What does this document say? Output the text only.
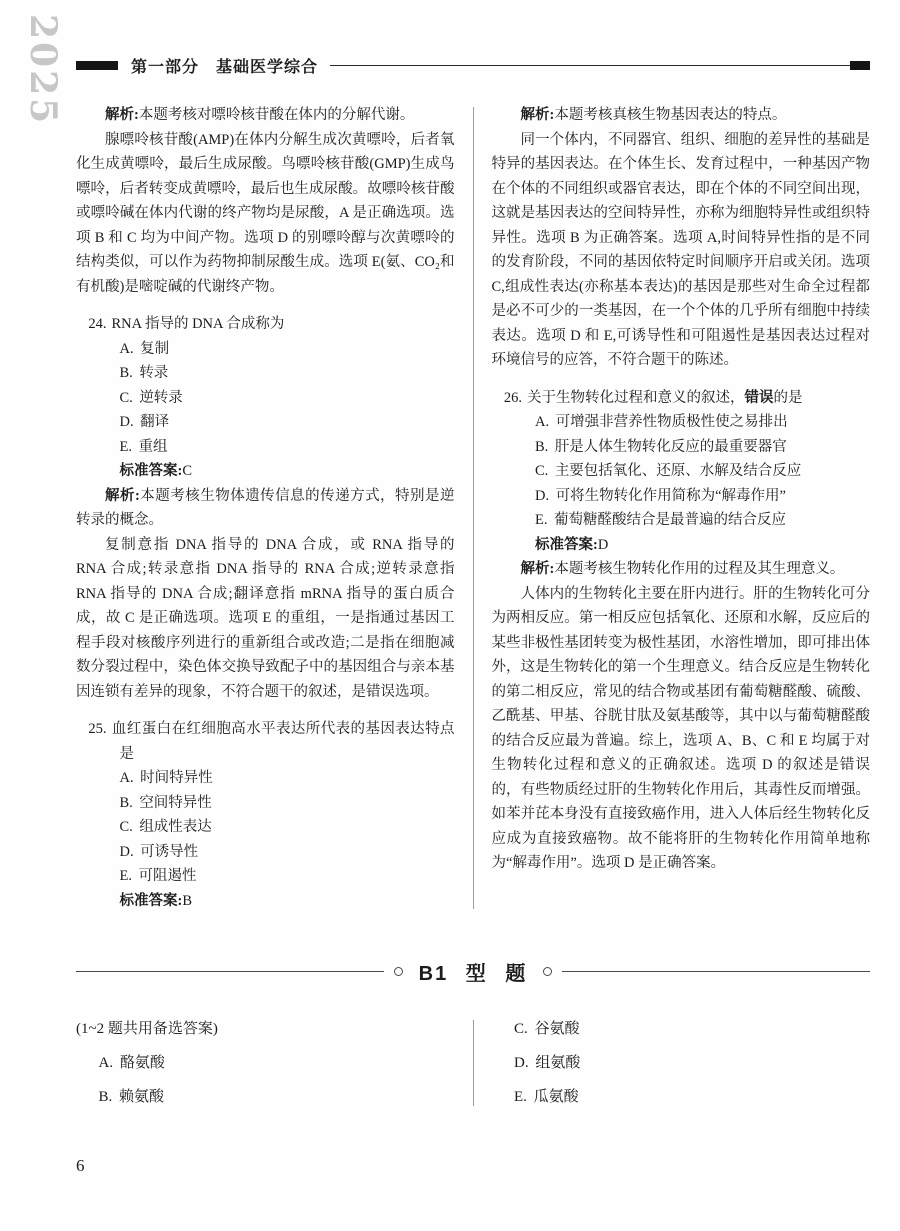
2025	第一部分　基础医学综合

解析:本题考核对嘌呤核苷酸在体内的分解代谢。

腺嘌呤核苷酸(AMP)在体内分解生成次黄嘌呤，后者氧化生成黄嘌呤，最后生成尿酸。鸟嘌呤核苷酸(GMP)生成鸟嘌呤，后者转变成黄嘌呤，最后也生成尿酸。故嘌呤核苷酸或嘌呤碱在体内代谢的终产物均是尿酸，A 是正确选项。选项 B 和 C 均为中间产物。选项 D 的别嘌呤醇与次黄嘌呤的结构类似，可以作为药物抑制尿酸生成。选项 E(氨、CO₂和有机酸)是嘧啶碱的代谢终产物。

24. RNA 指导的 DNA 合成称为

A. 复制

B. 转录

C. 逆转录

D. 翻译

E. 重组

标准答案:C

解析:本题考核生物体遗传信息的传递方式，特别是逆转录的概念。

复制意指 DNA 指导的 DNA 合成，或 RNA 指导的 RNA 合成;转录意指 DNA 指导的 RNA 合成;逆转录意指 RNA 指导的 DNA 合成;翻译意指 mRNA 指导的蛋白质合成，故 C 是正确选项。选项 E 的重组，一是指通过基因工程手段对核酸序列进行的重新组合或改造;二是指在细胞减数分裂过程中，染色体交换导致配子中的基因组合与亲本基因连锁有差异的现象，不符合题干的叙述，是错误选项。

25. 血红蛋白在红细胞高水平表达所代表的基因表达特点是

A. 时间特异性

B. 空间特异性

C. 组成性表达

D. 可诱导性

E. 可阻遏性

标准答案:B

解析:本题考核真核生物基因表达的特点。

同一个体内，不同器官、组织、细胞的差异性的基础是特异的基因表达。在个体生长、发育过程中，一种基因产物在个体的不同组织或器官表达，即在个体的不同空间出现，这就是基因表达的空间特异性，亦称为细胞特异性或组织特异性。选项 B 为正确答案。选项 A,时间特异性指的是不同的发育阶段，不同的基因依特定时间顺序开启或关闭。选项 C,组成性表达(亦称基本表达)的基因是那些对生命全过程都是必不可少的一类基因，在一个个体的几乎所有细胞中持续表达。选项 D 和 E,可诱导性和可阻遏性是基因表达过程对环境信号的应答，不符合题干的陈述。

26. 关于生物转化过程和意义的叙述，错误的是

A. 可增强非营养性物质极性使之易排出

B. 肝是人体生物转化反应的最重要器官

C. 主要包括氧化、还原、水解及结合反应

D. 可将生物转化作用简称为“解毒作用”

E. 葡萄糖醛酸结合是最普遍的结合反应

标准答案:D

解析:本题考核生物转化作用的过程及其生理意义。

人体内的生物转化主要在肝内进行。肝的生物转化可分为两相反应。第一相反应包括氧化、还原和水解，反应后的某些非极性基团转变为极性基团，水溶性增加，即可排出体外，这是生物转化的第一个生理意义。结合反应是生物转化的第二相反应，常见的结合物或基团有葡萄糖醛酸、硫酸、乙酰基、甲基、谷胱甘肽及氨基酸等，其中以与葡萄糖醛酸的结合反应最为普遍。综上，选项 A、B、C 和 E 均属于对生物转化过程和意义的正确叙述。选项 D 的叙述是错误的，有些物质经过肝的生物转化作用后，其毒性反而增强。如苯并芘本身没有直接致癌作用，进入人体后经生物转化反应成为直接致癌物。故不能将肝的生物转化作用简单地称为“解毒作用”。选项 D 是正确答案。

B1 型 题

(1~2 题共用备选答案)

A. 酪氨酸

B. 赖氨酸

C. 谷氨酸

D. 组氨酸

E. 瓜氨酸

6
